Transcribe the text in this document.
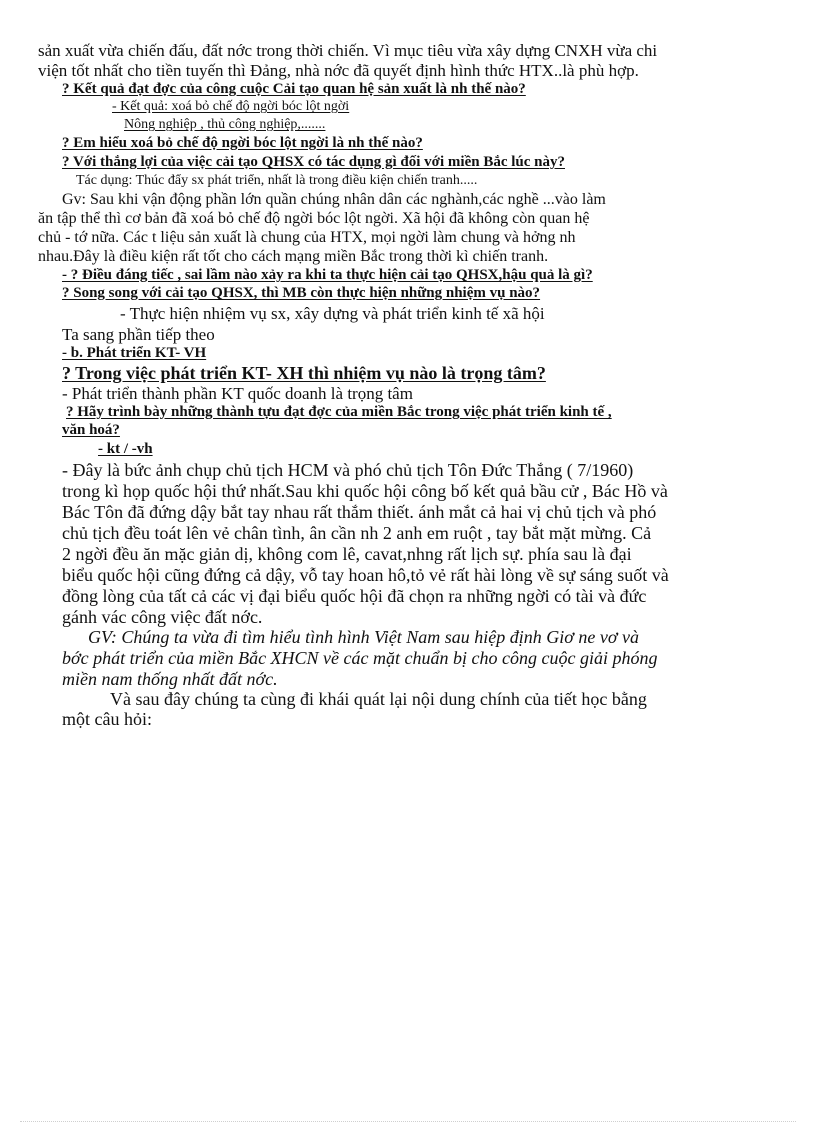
sản xuất vừa chiến đấu, đất nớc trong thời chiến. Vì mục tiêu vừa xây dựng CNXH vừa chi
viện tốt nhất cho tiền tuyến thì Đảng, nhà nớc đã quyết định hình thức HTX..là phù hợp.
? Kết quả đạt đợc của công cuộc Cải tạo quan hệ sản xuất là nh thế nào?
- Kết quả: xoá bỏ chế độ ngời bóc lột ngời
Nông nghiệp , thủ công nghiệp,.......
? Em hiểu xoá bỏ chế độ ngời bóc lột ngời là nh thế nào?
? Với thắng lợi của việc cải tạo QHSX có tác dụng gì đối với miền Bắc lúc này?
Tác dụng: Thúc đẩy sx phát triển, nhất là trong điều kiện chiến tranh.....
Gv: Sau khi vận động phần lớn quần chúng nhân dân các nghành,các nghề ...vào làm
ăn tập thể thì cơ bản đã xoá bỏ chế độ ngời bóc lột ngời. Xã hội đã không còn quan hệ
chủ - tớ nữa. Các t liệu sản xuất là chung của HTX, mọi ngời làm chung và hởng nh
nhau.Đây là điều kiện rất tốt cho cách mạng miền Bắc trong thời kì chiến tranh.
- ? Điều đáng tiếc , sai lầm nào xảy ra khi ta thực hiện cải tạo QHSX,hậu quả là gì?
? Song song với cải tạo QHSX, thì MB còn thực hiện những nhiệm vụ nào?
- Thực hiện nhiệm vụ sx, xây dựng và phát triển kinh tế xã hội
Ta sang phần tiếp theo
- b. Phát triển KT- VH
? Trong việc phát triển KT- XH thì nhiệm vụ nào là trọng tâm?
- Phát triển thành phần KT quốc doanh là trọng tâm
? Hãy trình bày những thành tựu đạt đợc của miền Bắc trong việc phát triển kinh tế ,
văn hoá?
- kt / -vh
- Đây là bức ảnh chụp chủ tịch HCM và phó chủ tịch Tôn Đức Thắng ( 7/1960)
trong kì họp quốc hội thứ nhất.Sau khi quốc hội công bố kết quả bầu cử , Bác Hồ và
Bác Tôn đã đứng dậy bắt tay nhau rất thắm thiết. ánh mắt cả hai vị chủ tịch và phó
chủ tịch đều toát lên vẻ chân tình, ân cần nh 2 anh em ruột , tay bắt mặt mừng. Cả
2 ngời đều ăn mặc giản dị, không com lê, cavat,nhng rất lịch sự. phía sau là đại
biểu quốc hội cũng đứng cả dậy, vỗ tay hoan hô,tỏ vẻ rất hài lòng về sự sáng suốt và
đồng lòng của tất cả các vị đại biểu quốc hội đã chọn ra những ngời có tài và đức
gánh vác công việc đất nớc.
GV: Chúng ta vừa đi tìm hiểu tình hình Việt Nam sau hiệp định Giơ ne vơ và
bớc phát triển của miền Bắc XHCN về các mặt chuẩn bị cho công cuộc giải phóng
miền nam thống nhất đất nớc.
Và sau đây chúng ta cùng đi khái quát lại nội dung chính của tiết học bằng
một câu hỏi:
